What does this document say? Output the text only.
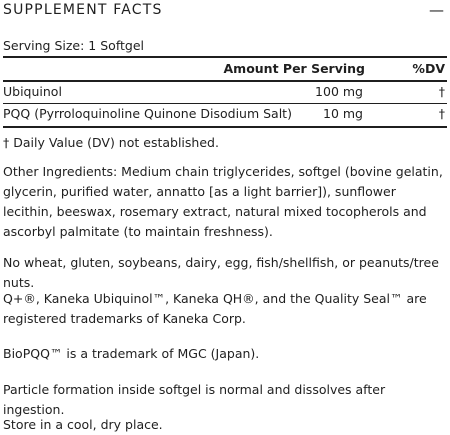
SUPPLEMENT FACTS	—
Serving Size: 1 Softgel
Amount Per Serving	%DV
Ubiquinol	100 mg	†
PQQ (Pyrroloquinoline Quinone Disodium Salt) 10 mg	†
† Daily Value (DV) not established.
Other Ingredients: Medium chain triglycerides, softgel (bovine gelatin, glycerin, purified water, annatto [as a light barrier]), sunflower lecithin, beeswax, rosemary extract, natural mixed tocopherols and ascorbyl palmitate (to maintain freshness).
No wheat, gluten, soybeans, dairy, egg, fish/shellfish, or peanuts/tree nuts.
Q+®, Kaneka Ubiquinol™, Kaneka QH®, and the Quality Seal™ are registered trademarks of Kaneka Corp.
BioPQQ™ is a trademark of MGC (Japan).
Particle formation inside softgel is normal and dissolves after ingestion.
Store in a cool, dry place.
